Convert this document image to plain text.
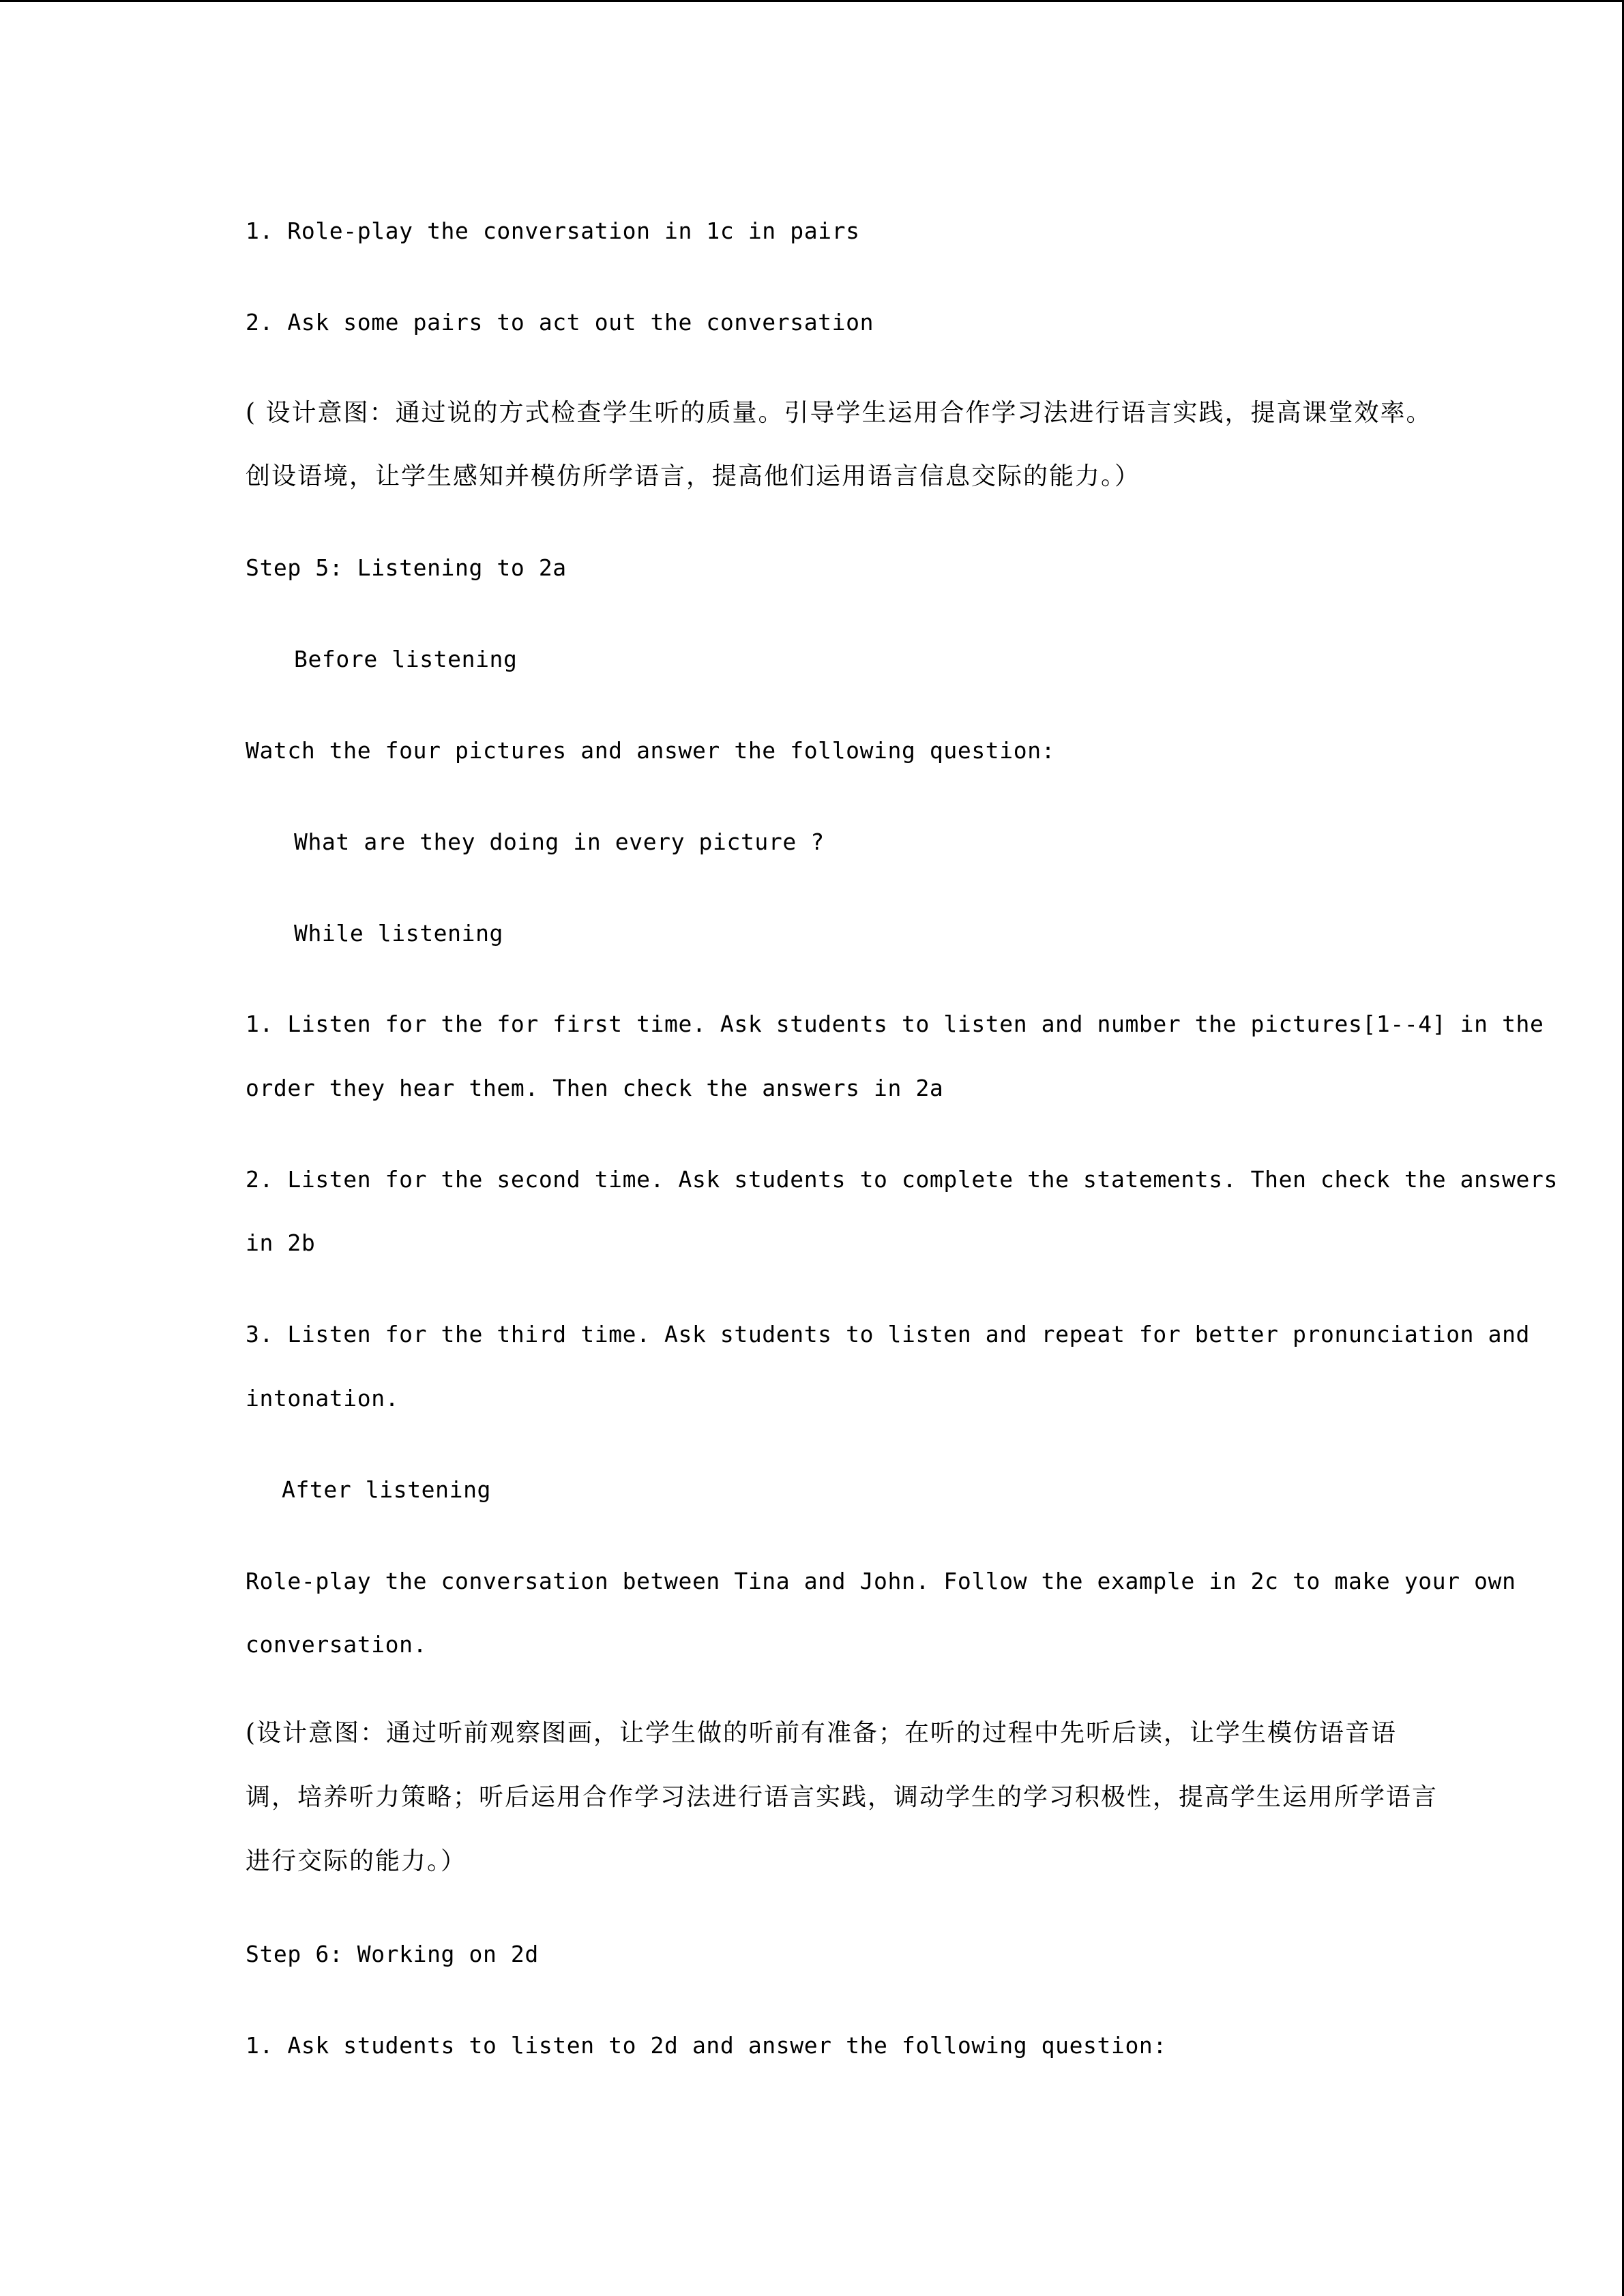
1. Role-play the conversation in 1c in pairs
2. Ask some pairs to act out the conversation
( 设计意图：通过说的方式检查学生听的质量。引导学生运用合作学习法进行语言实践，提高课堂效率。
创设语境，让学生感知并模仿所学语言，提高他们运用语言信息交际的能力。）
Step 5: Listening to 2a
Before listening
Watch the four pictures and answer the following question:
What are they doing in every picture ?
While listening
1. Listen for the for first time. Ask students to listen and number the pictures[1--4] in the
order they hear them. Then check the answers in 2a
2. Listen for the second time. Ask students to complete the statements. Then check the answers
in 2b
3. Listen for the third time. Ask students to listen and repeat for better pronunciation and
intonation.
After listening
Role-play the conversation between Tina and John. Follow the example in 2c to make your own
conversation.
(设计意图：通过听前观察图画，让学生做的听前有准备；在听的过程中先听后读，让学生模仿语音语
调，培养听力策略；听后运用合作学习法进行语言实践，调动学生的学习积极性，提高学生运用所学语言
进行交际的能力。）
Step 6: Working on 2d
1. Ask students to listen to 2d and answer the following question:
